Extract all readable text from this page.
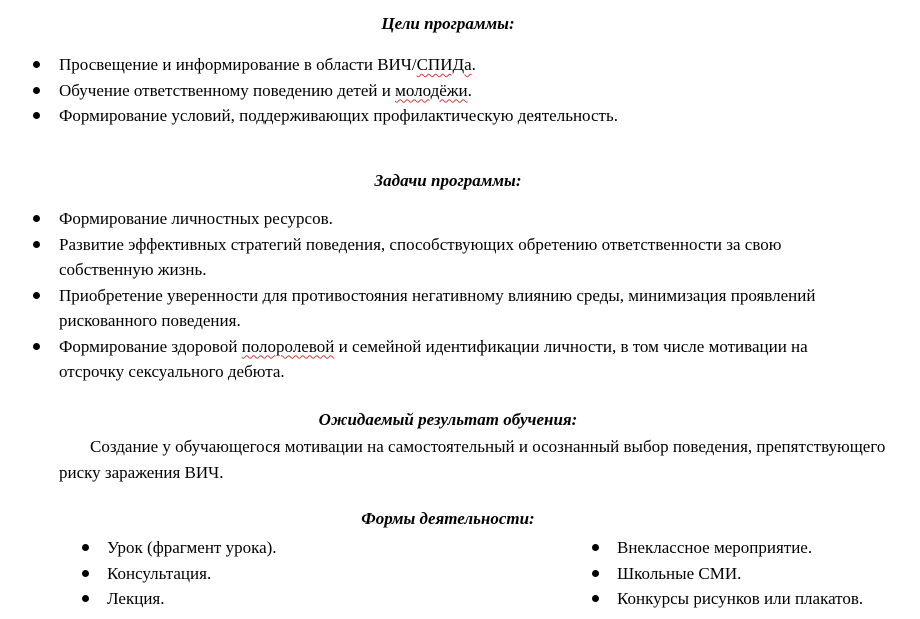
Цели программы:
Просвещение и информирование в области ВИЧ/СПИДа.
Обучение ответственному поведению детей и молодёжи.
Формирование условий, поддерживающих профилактическую деятельность.
Задачи программы:
Формирование личностных ресурсов.
Развитие эффективных стратегий поведения, способствующих обретению ответственности за свою
собственную жизнь.
Приобретение уверенности для противостояния негативному влиянию среды, минимизация проявлений
рискованного поведения.
Формирование здоровой полоролевой и семейной идентификации личности, в том числе мотивации на
отсрочку сексуального дебюта.
Ожидаемый результат обучения:

Создание у обучающегося мотивации на самостоятельный и осознанный выбор поведения, препятствующего риску заражения ВИЧ.

Формы деятельности:
Урок (фрагмент урока).
Консультация.
Лекция.
Внеклассное мероприятие.
Школьные СМИ.
Конкурсы рисунков или плакатов.
